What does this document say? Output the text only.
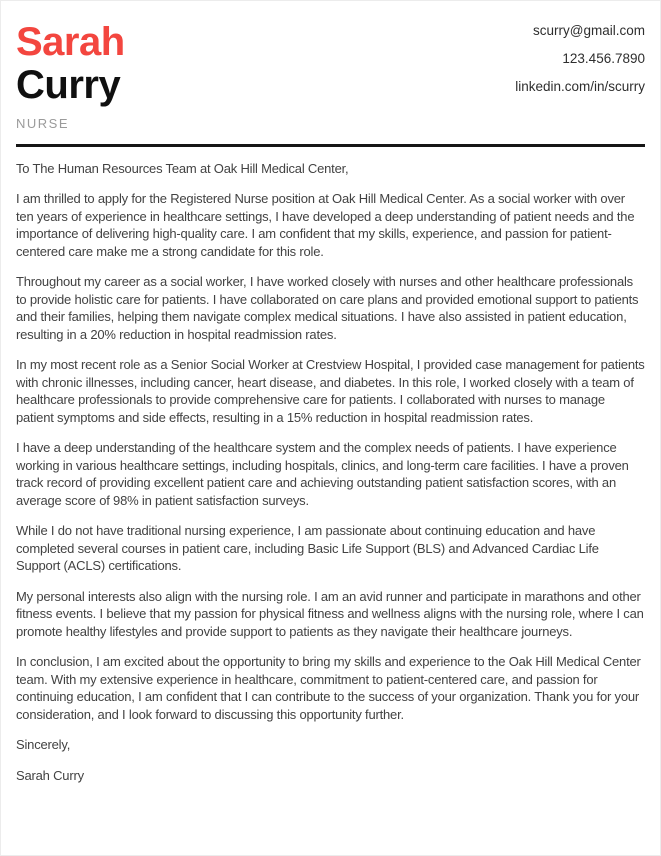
Sarah
Curry
NURSE
scurry@gmail.com
123.456.7890
linkedin.com/in/scurry

To The Human Resources Team at Oak Hill Medical Center,

I am thrilled to apply for the Registered Nurse position at Oak Hill Medical Center. As a social worker with over ten years of experience in healthcare settings, I have developed a deep understanding of patient needs and the importance of delivering high-quality care. I am confident that my skills, experience, and passion for patient-centered care make me a strong candidate for this role.

Throughout my career as a social worker, I have worked closely with nurses and other healthcare professionals to provide holistic care for patients. I have collaborated on care plans and provided emotional support to patients and their families, helping them navigate complex medical situations. I have also assisted in patient education, resulting in a 20% reduction in hospital readmission rates.

In my most recent role as a Senior Social Worker at Crestview Hospital, I provided case management for patients with chronic illnesses, including cancer, heart disease, and diabetes. In this role, I worked closely with a team of healthcare professionals to provide comprehensive care for patients. I collaborated with nurses to manage patient symptoms and side effects, resulting in a 15% reduction in hospital readmission rates.

I have a deep understanding of the healthcare system and the complex needs of patients. I have experience working in various healthcare settings, including hospitals, clinics, and long-term care facilities. I have a proven track record of providing excellent patient care and achieving outstanding patient satisfaction scores, with an average score of 98% in patient satisfaction surveys.

While I do not have traditional nursing experience, I am passionate about continuing education and have completed several courses in patient care, including Basic Life Support (BLS) and Advanced Cardiac Life Support (ACLS) certifications.

My personal interests also align with the nursing role. I am an avid runner and participate in marathons and other fitness events. I believe that my passion for physical fitness and wellness aligns with the nursing role, where I can promote healthy lifestyles and provide support to patients as they navigate their healthcare journeys.

In conclusion, I am excited about the opportunity to bring my skills and experience to the Oak Hill Medical Center team. With my extensive experience in healthcare, commitment to patient-centered care, and passion for continuing education, I am confident that I can contribute to the success of your organization. Thank you for your consideration, and I look forward to discussing this opportunity further.

Sincerely,

Sarah Curry
